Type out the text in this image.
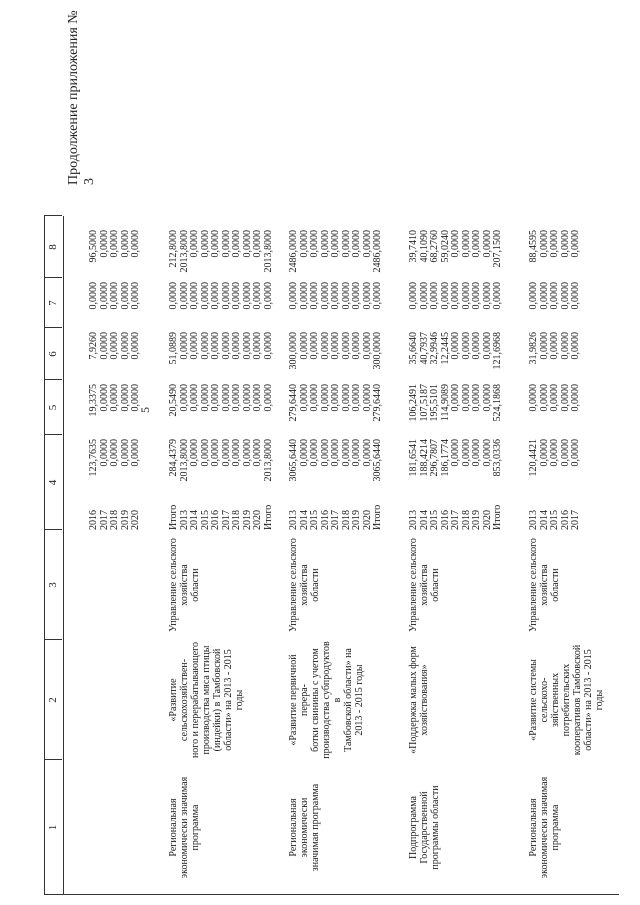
5
Продолжение приложения № 3
1
2
3
4
5
6
7
8
2016 2017 2018 2019 2020
123,7635 0,0000 0,0000 0,0000 0,0000
19,3375 0,0000 0,0000 0,0000 0,0000
7,9260 0,0000 0,0000 0,0000 0,0000
0,0000 0,0000 0,0000 0,0000 0,0000
96,5000 0,0000 0,0000 0,0000 0,0000
Региональная
экономически значимая
программа
«Развитие сельскохозяйствен-
ного и перерабатывающего
производства мяса птицы
(индейки) в Тамбовской
области» на 2013 - 2015 годы
Управление сельского хозяйства
области
Итого 2013 2014 2015 2016 2017 2018 2019 2020 Итого
284,4379 2013,8000 0,0000 0,0000 0,0000 0,0000 0,0000 0,0000 0,0000 2013,8000
20,5490 0,0000 0,0000 0,0000 0,0000 0,0000 0,0000 0,0000 0,0000 0,0000
51,0889 0,0000 0,0000 0,0000 0,0000 0,0000 0,0000 0,0000 0,0000 0,0000
0,0000 0,0000 0,0000 0,0000 0,0000 0,0000 0,0000 0,0000 0,0000 0,0000
212,8000 2013,8000 0,0000 0,0000 0,0000 0,0000 0,0000 0,0000 0,0000 2013,8000
Региональная
экономически
значимая программа
«Развитие первичной перера-
ботки свинины с учетом
производства субпродуктов в
Тамбовской области» на
2013 - 2015 годы
Управление сельского хозяйства
области
2013 2014 2015 2016 2017 2018 2019 2020 Итого
3065,6440 0,0000 0,0000 0,0000 0,0000 0,0000 0,0000 0,0000 3065,6440
279,6440 0,0000 0,0000 0,0000 0,0000 0,0000 0,0000 0,0000 279,6440
300,0000 0,0000 0,0000 0,0000 0,0000 0,0000 0,0000 0,0000 300,0000
0,0000 0,0000 0,0000 0,0000 0,0000 0,0000 0,0000 0,0000 0,0000
2486,0000 0,0000 0,0000 0,0000 0,0000 0,0000 0,0000 0,0000 2486,0000
Подпрограмма
Государственной
программы области
«Поддержка малых форм
хозяйствования»
Управление сельского хозяйства
области
2013 2014 2015 2016 2017 2018 2019 2020 Итого
181,6541 188,4214 296,7807 186,1774 0,0000 0,0000 0,0000 0,0000 853,0336
106,2491 107,5187 195,5101 114,9089 0,0000 0,0000 0,0000 0,0000 524,1868
35,6640 40,7937 32,9946 12,2445 0,0000 0,0000 0,0000 0,0000 121,6968
0,0000 0,0000 0,0000 0,0000 0,0000 0,0000 0,0000 0,0000 0,0000
39,7410 40,1090 68,2760 59,0240 0,0000 0,0000 0,0000 0,0000 207,1500
Региональная
экономически значимая
программа
«Развитие системы сельскохо-
зяйственных потребительских
кооперативов Тамбовской
области» на 2013 - 2015 годы
Управление сельского хозяйства
области
2013 2014 2015 2016 2017
120,4421 0,0000 0,0000 0,0000 0,0000
0,0000 0,0000 0,0000 0,0000 0,0000
31,9826 0,0000 0,0000 0,0000 0,0000
0,0000 0,0000 0,0000 0,0000 0,0000
88,4595 0,0000 0,0000 0,0000 0,0000
